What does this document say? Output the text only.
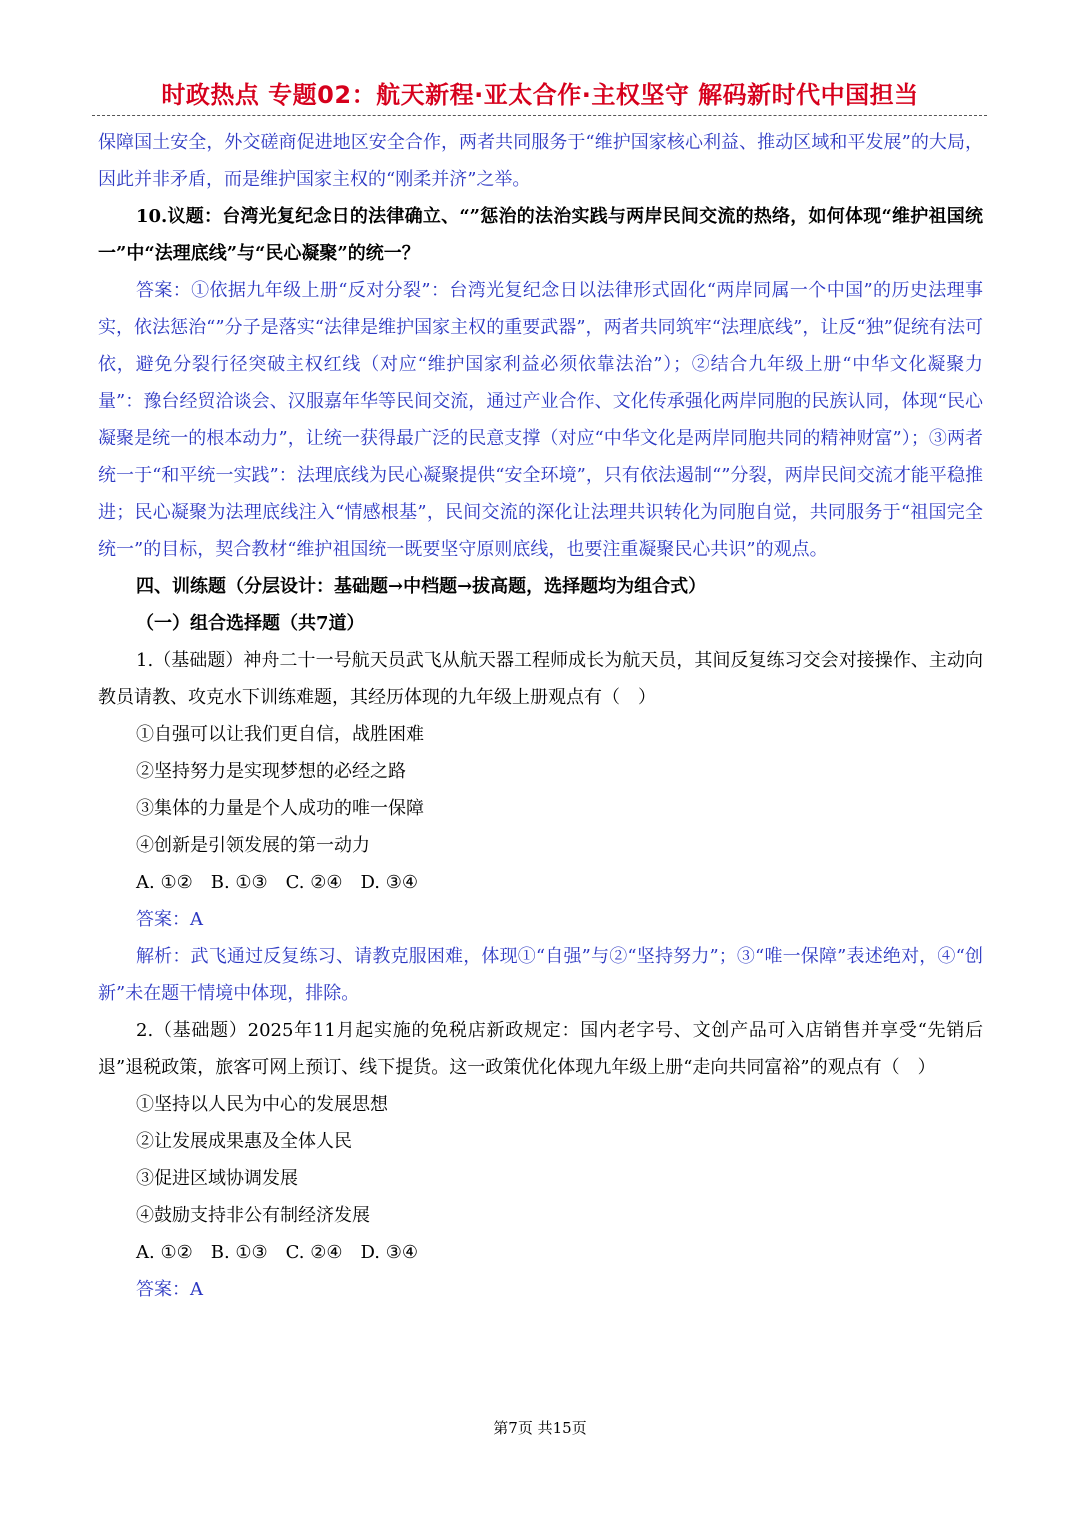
时政热点 专题02：航天新程·亚太合作·主权坚守 解码新时代中国担当

保障国土安全，外交磋商促进地区安全合作，两者共同服务于“维护国家核心利益、推动区域和平发展”的大局，因此并非矛盾，而是维护国家主权的“刚柔并济”之举。

10.议题：台湾光复纪念日的法律确立、“”惩治的法治实践与两岸民间交流的热络，如何体现“维护祖国统一”中“法理底线”与“民心凝聚”的统一？

答案：①依据九年级上册“反对分裂”：台湾光复纪念日以法律形式固化“两岸同属一个中国”的历史法理事实，依法惩治“”分子是落实“法律是维护国家主权的重要武器”，两者共同筑牢“法理底线”，让反“独”促统有法可依，避免分裂行径突破主权红线（对应“维护国家利益必须依靠法治”）；②结合九年级上册“中华文化凝聚力量”：豫台经贸洽谈会、汉服嘉年华等民间交流，通过产业合作、文化传承强化两岸同胞的民族认同，体现“民心凝聚是统一的根本动力”，让统一获得最广泛的民意支撑（对应“中华文化是两岸同胞共同的精神财富”）；③两者统一于“和平统一实践”：法理底线为民心凝聚提供“安全环境”，只有依法遏制“”分裂，两岸民间交流才能平稳推进；民心凝聚为法理底线注入“情感根基”，民间交流的深化让法理共识转化为同胞自觉，共同服务于“祖国完全统一”的目标，契合教材“维护祖国统一既要坚守原则底线，也要注重凝聚民心共识”的观点。

四、训练题（分层设计：基础题→中档题→拔高题，选择题均为组合式）

（一）组合选择题（共7道）

1.（基础题）神舟二十一号航天员武飞从航天器工程师成长为航天员，其间反复练习交会对接操作、主动向教员请教、攻克水下训练难题，其经历体现的九年级上册观点有（　）

①自强可以让我们更自信，战胜困难

②坚持努力是实现梦想的必经之路

③集体的力量是个人成功的唯一保障

④创新是引领发展的第一动力

A. ①②　B. ①③　C. ②④　D. ③④

答案：A

解析：武飞通过反复练习、请教克服困难，体现①“自强”与②“坚持努力”；③“唯一保障”表述绝对，④“创新”未在题干情境中体现，排除。

2.（基础题）2025年11月起实施的免税店新政规定：国内老字号、文创产品可入店销售并享受“先销后退”退税政策，旅客可网上预订、线下提货。这一政策优化体现九年级上册“走向共同富裕”的观点有（　）

①坚持以人民为中心的发展思想

②让发展成果惠及全体人民

③促进区域协调发展

④鼓励支持非公有制经济发展

A. ①②　B. ①③　C. ②④　D. ③④

答案：A

第7页 共15页
